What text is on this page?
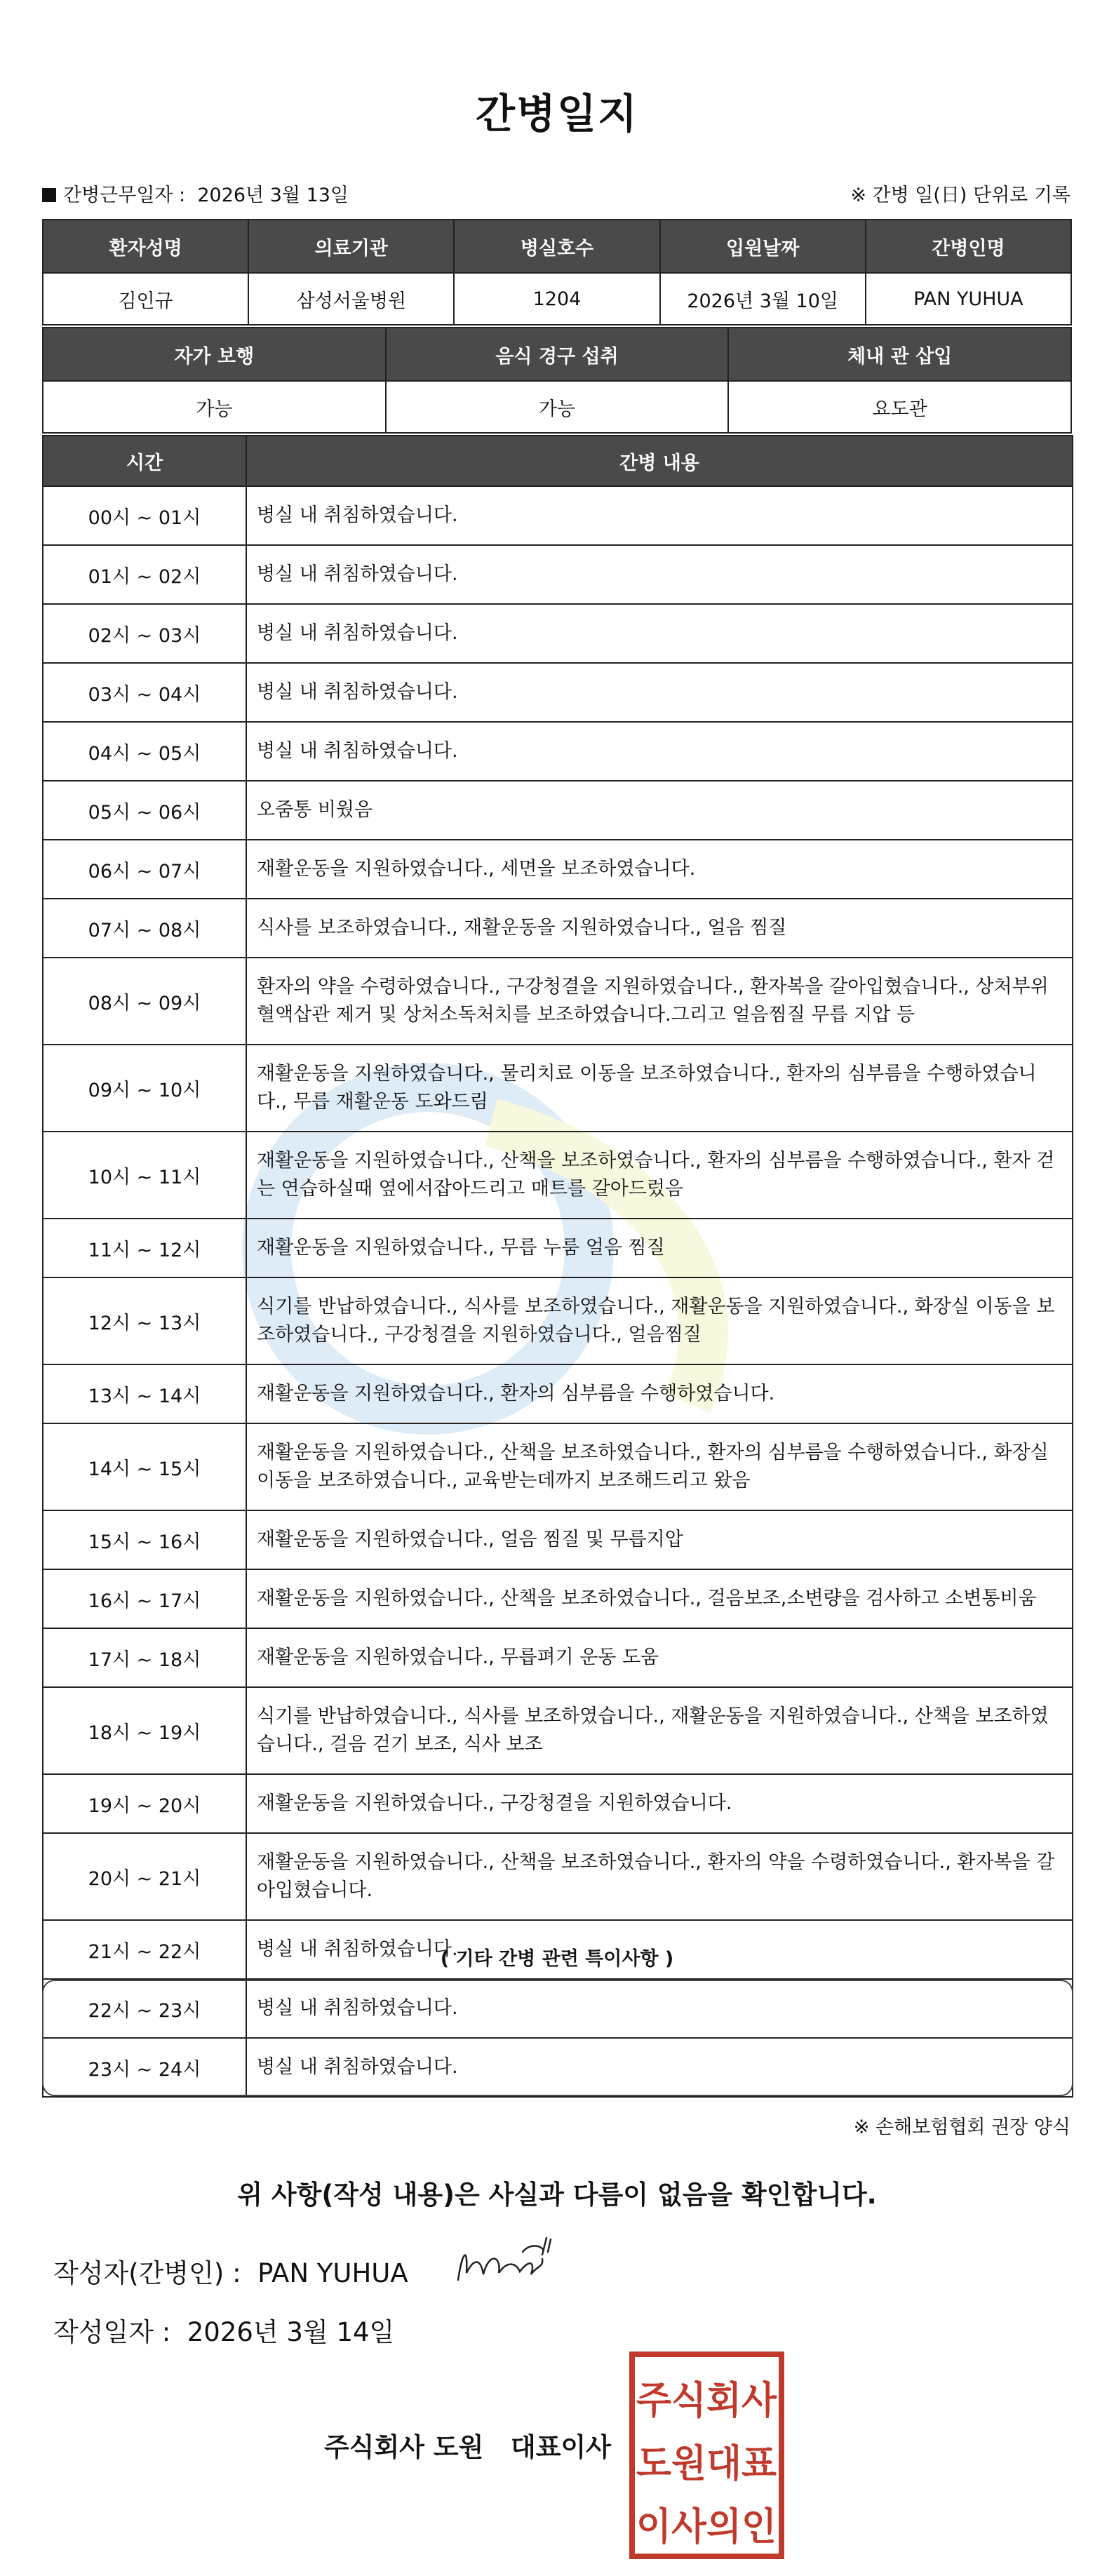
간병일지
간병근무일자 : 2026년 3월 13일	※ 간병 일(日) 단위로 기록
환자성명	의료기관	병실호수	입원날짜	간병인명
김인규	삼성서울병원	1204	2026년 3월 10일	PAN YUHUA
자가 보행	음식 경구 섭취	체내 관 삽입
가능	가능	요도관
시간	간병 내용
00시 ~ 01시	병실 내 취침하였습니다.
01시 ~ 02시	병실 내 취침하였습니다.
02시 ~ 03시	병실 내 취침하였습니다.
03시 ~ 04시	병실 내 취침하였습니다.
04시 ~ 05시	병실 내 취침하였습니다.
05시 ~ 06시	오줌통 비웠음
06시 ~ 07시	재활운동을 지원하였습니다., 세면을 보조하였습니다.
07시 ~ 08시	식사를 보조하였습니다., 재활운동을 지원하였습니다., 얼음 찜질
08시 ~ 09시	환자의 약을 수령하였습니다., 구강청결을 지원하였습니다., 환자복을 갈아입혔습니다., 상처부위 혈액삽관 제거 및 상처소독처치를 보조하였습니다.그리고 얼음찜질 무릅 지압 등
09시 ~ 10시	재활운동을 지원하였습니다., 물리치료 이동을 보조하였습니다., 환자의 심부름을 수행하였습니다., 무릅 재활운동 도와드림
10시 ~ 11시	재활운동을 지원하였습니다., 산책을 보조하였습니다., 환자의 심부름을 수행하였습니다., 환자 걷는 연습하실때 옆에서잡아드리고 매트를 갈아드렀음
11시 ~ 12시	재활운동을 지원하였습니다., 무릅 누룸 얼음 찜질
12시 ~ 13시	식기를 반납하였습니다., 식사를 보조하였습니다., 재활운동을 지원하였습니다., 화장실 이동을 보조하였습니다., 구강청결을 지원하였습니다., 얼음찜질
13시 ~ 14시	재활운동을 지원하였습니다., 환자의 심부름을 수행하였습니다.
14시 ~ 15시	재활운동을 지원하였습니다., 산책을 보조하였습니다., 환자의 심부름을 수행하였습니다., 화장실 이동을 보조하였습니다., 교육받는데까지 보조해드리고 왔음
15시 ~ 16시	재활운동을 지원하였습니다., 얼음 찜질 및 무릅지압
16시 ~ 17시	재활운동을 지원하였습니다., 산책을 보조하였습니다., 걸음보조,소변량을 검사하고 소변통비움
17시 ~ 18시	재활운동을 지원하였습니다., 무릅펴기 운동 도움
18시 ~ 19시	식기를 반납하였습니다., 식사를 보조하였습니다., 재활운동을 지원하였습니다., 산책을 보조하였습니다., 걸음 걷기 보조, 식사 보조
19시 ~ 20시	재활운동을 지원하였습니다., 구강청결을 지원하였습니다.
20시 ~ 21시	재활운동을 지원하였습니다., 산책을 보조하였습니다., 환자의 약을 수령하였습니다., 환자복을 갈아입혔습니다.
21시 ~ 22시	병실 내 취침하였습니다.
22시 ~ 23시	병실 내 취침하였습니다.
23시 ~ 24시	병실 내 취침하였습니다.
( 기타 간병 관련 특이사항 )
※ 손해보험협회 권장 양식
위 사항(작성 내용)은 사실과 다름이 없음을 확인합니다.
작성자(간병인) : PAN YUHUA
작성일자 : 2026년 3월 14일
주식회사 도원   대표이사
주식회사
도원대표
이사의인
